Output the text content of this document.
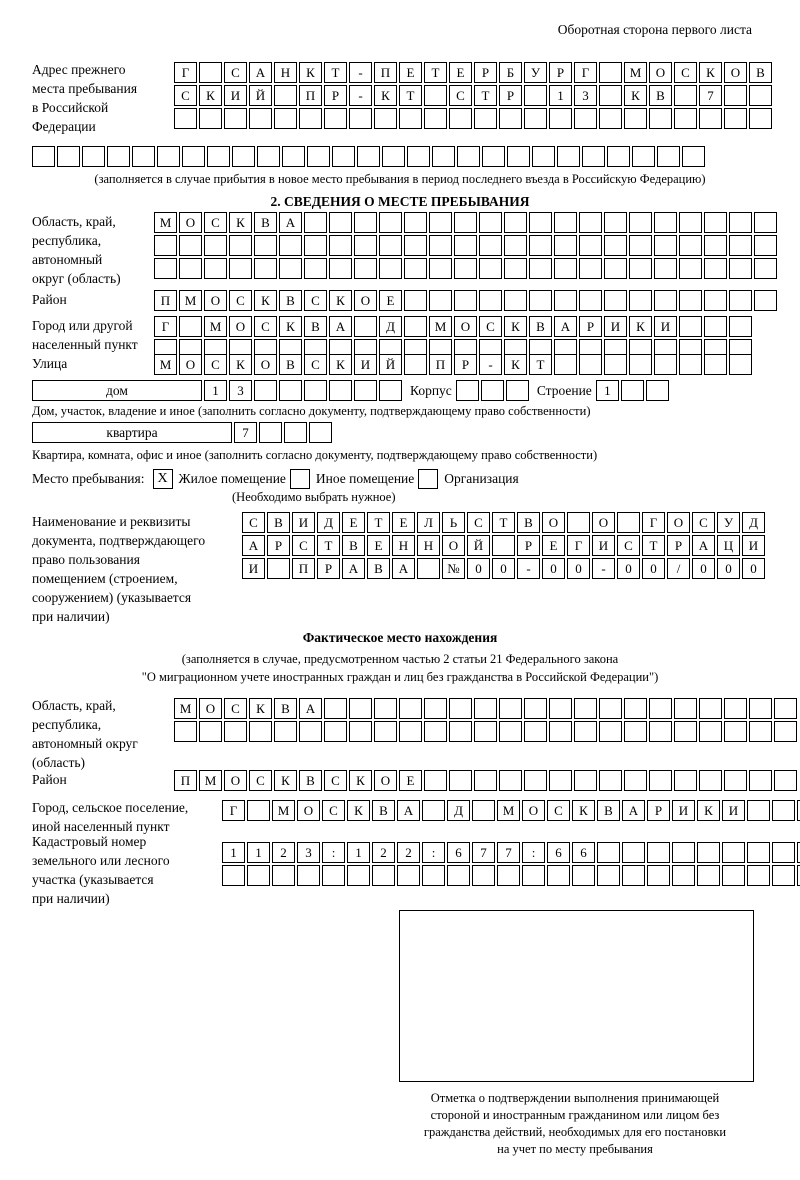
Оборотная сторона первого листа
Адрес прежнего
места пребывания
в Российской
Федерации
Г	С	А	Н	К	Т	-	П	Е	Т	Е	Р	Б	У	Р	Г	М	О	С	К	О	В
С	К	И	Й	П	Р	-	К	Т	С	Т	Р	1	3	К	В	7
(заполняется в случае прибытия в новое место пребывания в период последнего въезда в Российскую Федерацию)
2. СВЕДЕНИЯ О МЕСТЕ ПРЕБЫВАНИЯ
Область, край,
республика,
автономный
округ (область)
М	О	С	К	В	А
Район	П	М	О	С	К	В	С	К	О	Е
Город или другой
населенный пункт
Г	М	О	С	К	В	А	Д	М	О	С	К	В	А	Р	И	К	И
Улица	М	О	С	К	О	В	С	К	И	Й	П	Р	-	К	Т
дом	1	3	Корпус	Строение 1
Дом, участок, владение и иное (заполнить согласно документу, подтверждающему право собственности)
квартира	7
Квартира, комната, офис и иное (заполнить согласно документу, подтверждающему право собственности)
Место пребывания: Х Жилое помещение Иное помещение Организация
(Необходимо выбрать нужное)
Наименование и реквизиты
документа, подтверждающего
право пользования
помещением (строением,
сооружением) (указывается
при наличии)
С	В	И	Д	Е	Т	Е	Л	Ь	С	Т	В	О	О	Г	О	С	У	Д
А	Р	С	Т	В	Е	Н	Н	О	Й	Р	Е	Г	И	С	Т	Р	А	Ц	И
И	П	Р	А	В	А	№	0	0	-	0	0	-	0	0	/	0	0	0
Фактическое место нахождения
(заполняется в случае, предусмотренном частью 2 статьи 21 Федерального закона
"О миграционном учете иностранных граждан и лиц без гражданства в Российской Федерации")
Область, край,
республика,
автономный округ
(область)
М	О	С	К	В	А
Район	П	М	О	С	К	В	С	К	О	Е
Город, сельское поселение,
иной населенный пункт
Г	М	О	С	К	В	А	Д	М	О	С	К	В	А	Р	И	К	И
Кадастровый номер
земельного или лесного
участка (указывается
при наличии)
1	1	2	3	:	1	2	2	:	6	7	7	:	6	6
Отметка о подтверждении выполнения принимающей
стороной и иностранным гражданином или лицом без
гражданства действий, необходимых для его постановки
на учет по месту пребывания
